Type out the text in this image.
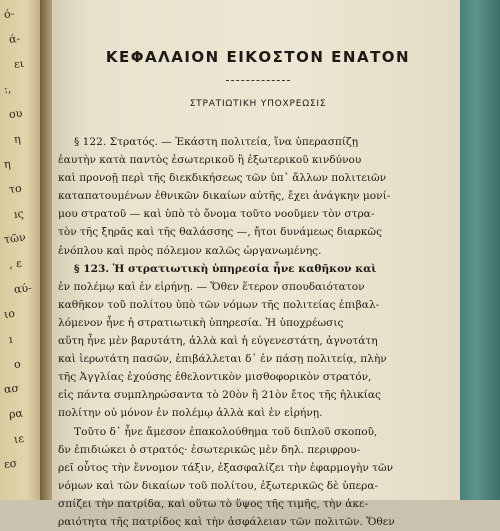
ό-
ά-
ει
:,
ου
η
η
το
ıς
τῶν
, ε
αύ-
ιο
ı
ο
ασ
ρα
ιε
εσ
ΚΕΦΑΛΑΙΟΝ ΕΙΚΟΣΤΟΝ ΕΝΑΤΟΝ
ΣΤΡΑΤΙΩΤΙΚΗ ΥΠΟΧΡΕΩΣΙΣ
§ 122. Στρατός. — Ἑκάστη πολιτεία, ἵνα ὑπερασπίζῃ
ἑαυτὴν κατὰ παντὸς ἐσωτερικοῦ ἢ ἐξωτερικοῦ κινδύνου
καὶ προνοῇ περὶ τῆς διεκδικήσεως τῶν ὑπ᾿ ἄλλων πολιτειῶν
καταπατουμένων ἐθνικῶν δικαίων αὐτῆς, ἔχει ἀνάγκην μονί-
μου στρατοῦ — καὶ ὑπὸ τὸ ὄνομα τοῦτο νοοῦμεν τὸν στρα-
τὸν τῆς ξηρᾶς καὶ τῆς θαλάσσης —, ἤτοι δυνάμεως διαρκῶς
ἐνόπλου καὶ πρὸς πόλεμον καλῶς ὠργανωμένης.
§ 123. Ἡ στρατιωτικὴ ὑπηρεσία ἦνε καθῆκον καὶ
ἐν πολέμῳ καὶ ἐν εἰρήνῃ. — Ὅθεν ἕτερον σπουδαιότατον
καθῆκον τοῦ πολίτου ὑπὸ τῶν νόμων τῆς πολιτείας ἐπιβαλ-
λόμενον ἦνε ἡ στρατιωτικὴ ὑπηρεσία. Ἡ ὑποχρέωσις
αὕτη ἦνε μὲν βαρυτάτη, ἀλλὰ καὶ ἡ εὐγενεστάτη, ἀγνοτάτη
καὶ ἱερωτάτη πασῶν, ἐπιβάλλεται δ᾿ ἐν πάσῃ πολιτείᾳ, πλὴν
τῆς Ἀγγλίας ἐχούσης ἐθελοντικὸν μισθοφορικὸν στρατόν,
εἰς πάντα συμπληρώσαντα τὸ 20ὸν ἢ 21ὸν ἔτος τῆς ἡλικίας
πολίτην οὐ μόνον ἐν πολέμῳ ἀλλὰ καὶ ἐν εἰρήνῃ.
Τοῦτο δ᾿ ἦνε ἄμεσον ἐπακολούθημα τοῦ διπλοῦ σκοποῦ,
δν ἐπιδιώκει ὁ στρατός· ἐσωτερικῶς μὲν δηλ. περιφρου-
ρεῖ οὗτος τὴν ἔννομον τάξιν, ἐξασφαλίζει τὴν ἐφαρμογὴν τῶν
νόμων καὶ τῶν δικαίων τοῦ πολίτου, ἐξωτερικῶς δὲ ὑπερα-
σπίζει τὴν πατρίδα, καὶ οὕτω τὸ ὕψος τῆς τιμῆς, τὴν ἀκε-
ραιότητα τῆς πατρίδος καὶ τὴν ἀσφάλειαν τῶν πολιτῶν. Ὅθεν
